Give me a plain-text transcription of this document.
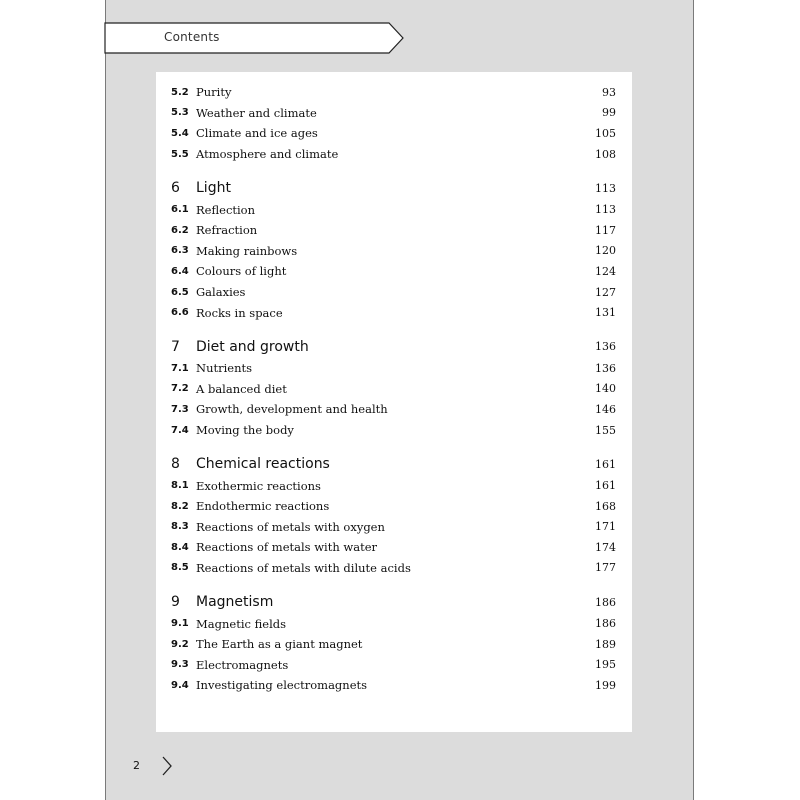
Contents
5.2 Purity	93
5.3 Weather and climate	99
5.4 Climate and ice ages	105
5.5 Atmosphere and climate	108
6 Light	113
6.1 Reflection	113
6.2 Refraction	117
6.3 Making rainbows	120
6.4 Colours of light	124
6.5 Galaxies	127
6.6 Rocks in space	131
7 Diet and growth	136
7.1 Nutrients	136
7.2 A balanced diet	140
7.3 Growth, development and health	146
7.4 Moving the body	155
8 Chemical reactions	161
8.1 Exothermic reactions	161
8.2 Endothermic reactions	168
8.3 Reactions of metals with oxygen	171
8.4 Reactions of metals with water	174
8.5 Reactions of metals with dilute acids	177
9 Magnetism	186
9.1 Magnetic fields	186
9.2 The Earth as a giant magnet	189
9.3 Electromagnets	195
9.4 Investigating electromagnets	199
2
